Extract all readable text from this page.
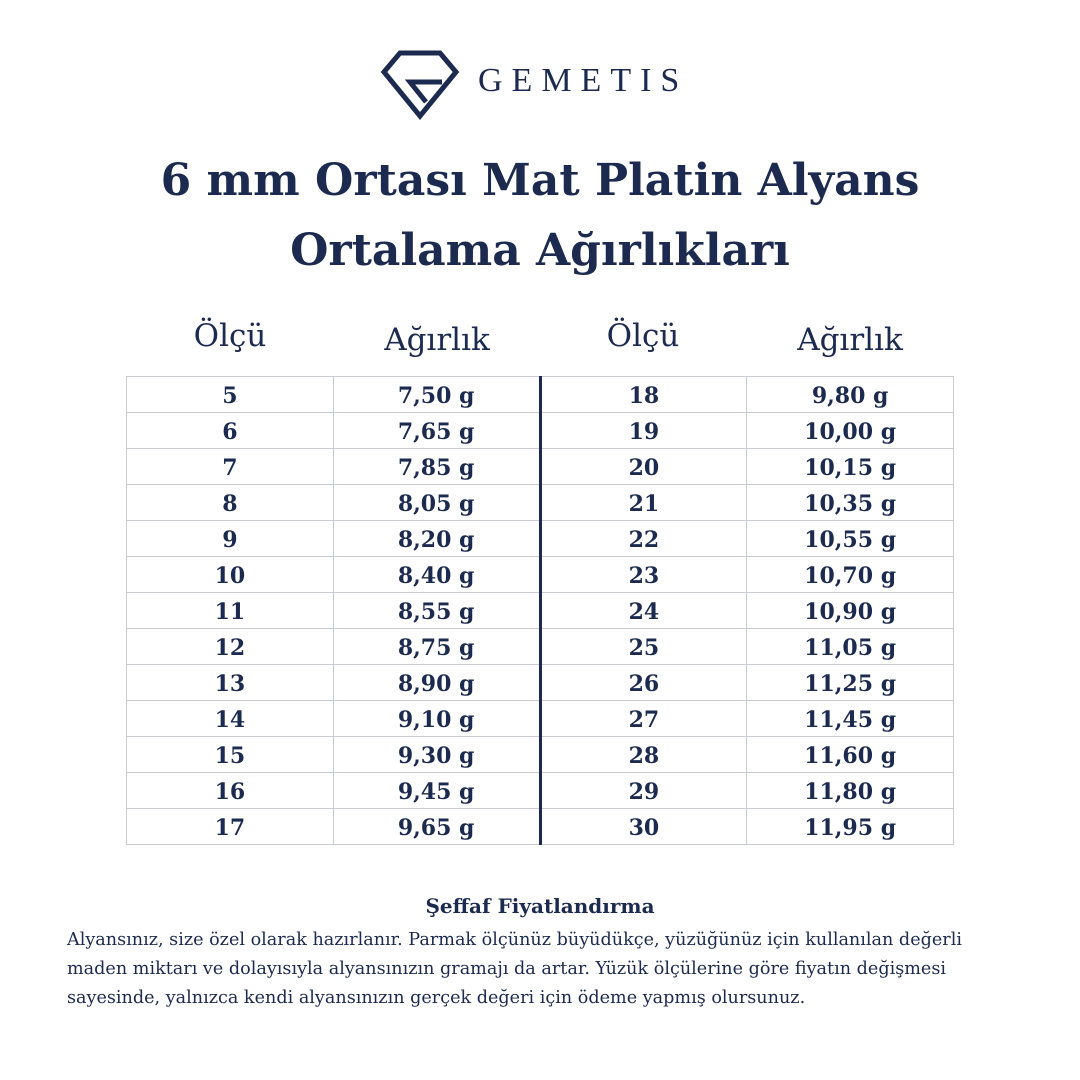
GEMETIS
6 mm Ortası Mat Platin Alyans
Ortalama Ağırlıkları
Ölçü	Ağırlık	Ölçü	Ağırlık
5	7,50 g	18	9,80 g
6	7,65 g	19	10,00 g
7	7,85 g	20	10,15 g
8	8,05 g	21	10,35 g
9	8,20 g	22	10,55 g
10	8,40 g	23	10,70 g
11	8,55 g	24	10,90 g
12	8,75 g	25	11,05 g
13	8,90 g	26	11,25 g
14	9,10 g	27	11,45 g
15	9,30 g	28	11,60 g
16	9,45 g	29	11,80 g
17	9,65 g	30	11,95 g

Şeffaf Fiyatlandırma

Alyansınız, size özel olarak hazırlanır. Parmak ölçünüz büyüdükçe, yüzüğünüz için kullanılan değerli maden miktarı ve dolayısıyla alyansınızın gramajı da artar. Yüzük ölçülerine göre fiyatın değişmesi sayesinde, yalnızca kendi alyansınızın gerçek değeri için ödeme yapmış olursunuz.
